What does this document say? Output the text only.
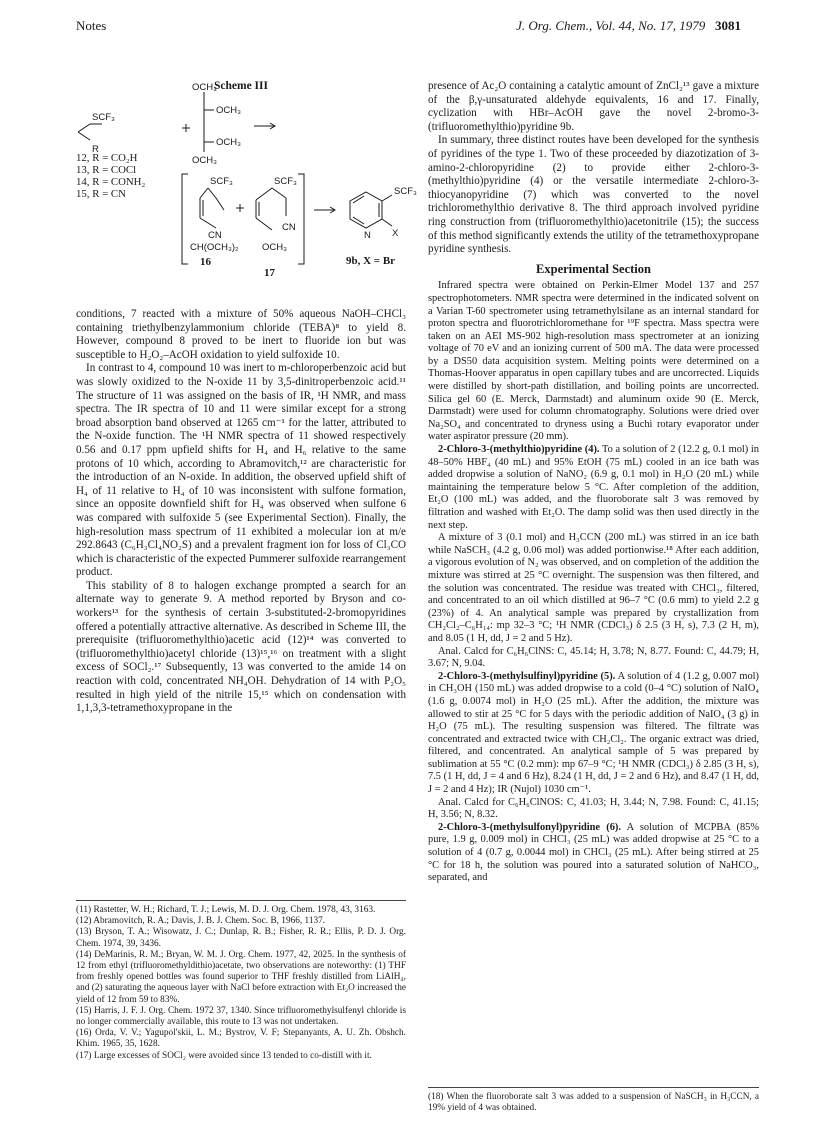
Notes	J. Org. Chem., Vol. 44, No. 17, 1979 3081
Scheme III
SCF₃
R
OCH₃
OCH₃
OCH₃
OCH₃
SCF₃
CN
CH(OCH₃)₂
16
SCF₃
CN
OCH₃
17
SCF₃
N X
9b, X = Br
12, R = CO₂H
13, R = COCl
14, R = CONH₂
15, R = CN

conditions, 7 reacted with a mixture of 50% aqueous NaOH–CHCl₃ containing triethylbenzylammonium chloride (TEBA)⁸ to yield 8. However, compound 8 proved to be inert to fluoride ion but was susceptible to H₂O₂–AcOH oxidation to yield sulfoxide 10.

In contrast to 4, compound 10 was inert to m-chloroperbenzoic acid but was slowly oxidized to the N-oxide 11 by 3,5-dinitroperbenzoic acid.¹¹ The structure of 11 was assigned on the basis of IR, ¹H NMR, and mass spectra. The IR spectra of 10 and 11 were similar except for a strong broad absorption band observed at 1265 cm⁻¹ for the latter, attributed to the N-oxide function. The ¹H NMR spectra of 11 showed respectively 0.56 and 0.17 ppm upfield shifts for H₄ and H₆ relative to the same protons of 10 which, according to Abramovitch,¹² are characteristic for the introduction of an N-oxide. In addition, the observed upfield shift of H₄ of 11 relative to H₄ of 10 was inconsistent with sulfone formation, since an opposite downfield shift for H₄ was observed when sulfone 6 was compared with sulfoxide 5 (see Experimental Section). Finally, the high-resolution mass spectrum of 11 exhibited a molecular ion at m/e 292.8643 (C₆H₃Cl₄NO₂S) and a prevalent fragment ion for loss of Cl₃CO which is characteristic of the expected Pummerer sulfoxide rearrangement product.

This stability of 8 to halogen exchange prompted a search for an alternate way to generate 9. A method reported by Bryson and co-workers¹³ for the synthesis of certain 3-substituted-2-bromopyridines offered a potentially attractive alternative. As described in Scheme III, the prerequisite (trifluoromethylthio)acetic acid (12)¹⁴ was converted to (trifluoromethylthio)acetyl chloride (13)¹⁵,¹⁶ on treatment with a slight excess of SOCl₂.¹⁷ Subsequently, 13 was converted to the amide 14 on reaction with cold, concentrated NH₄OH. Dehydration of 14 with P₂O₅ resulted in high yield of the nitrile 15,¹⁵ which on condensation with 1,1,3,3-tetramethoxypropane in the

(11) Rastetter, W. H.; Richard, T. J.; Lewis, M. D. J. Org. Chem. 1978, 43, 3163.

(12) Abramovitch, R. A.; Davis, J. B. J. Chem. Soc. B, 1966, 1137.

(13) Bryson, T. A.; Wisowatz, J. C.; Dunlap, R. B.; Fisher, R. R.; Ellis, P. D. J. Org. Chem. 1974, 39, 3436.

(14) DeMarinis, R. M.; Bryan, W. M. J. Org. Chem. 1977, 42, 2025. In the synthesis of 12 from ethyl (trifluoromethyldithio)acetate, two observations are noteworthy: (1) THF from freshly opened bottles was found superior to THF freshly distilled from LiAlH₄, and (2) saturating the aqueous layer with NaCl before extraction with Et₂O increased the yield of 12 from 59 to 83%.

(15) Harris, J. F. J. Org. Chem. 1972 37, 1340. Since trifluoromethylsulfenyl chloride is no longer commercially available, this route to 13 was not undertaken.

(16) Orda, V. V.; Yagupol'skii, L. M.; Bystrov, V. F; Stepanyants, A. U. Zh. Obshch. Khim. 1965, 35, 1628.

(17) Large excesses of SOCl₂ were avoided since 13 tended to co-distill with it.

presence of Ac₂O containing a catalytic amount of ZnCl₂¹³ gave a mixture of the β,γ-unsaturated aldehyde equivalents, 16 and 17. Finally, cyclization with HBr–AcOH gave the novel 2-bromo-3-(trifluoromethylthio)pyridine 9b.

In summary, three distinct routes have been developed for the synthesis of pyridines of the type 1. Two of these proceeded by diazotization of 3-amino-2-chloropyridine (2) to provide either 2-chloro-3-(methylthio)pyridine (4) or the versatile intermediate 2-chloro-3-thiocyanopyridine (7) which was converted to the novel trichloromethylthio derivative 8. The third approach involved pyridine ring construction from (trifluoromethylthio)acetonitrile (15); the success of this method significantly extends the utility of the tetramethoxypropane pyridine synthesis.

Experimental Section

Infrared spectra were obtained on Perkin-Elmer Model 137 and 257 spectrophotometers. NMR spectra were determined in the indicated solvent on a Varian T-60 spectrometer using tetramethylsilane as an internal standard for proton spectra and fluorotrichloromethane for ¹⁹F spectra. Mass spectra were taken on an AEI MS-902 high-resolution mass spectrometer at an ionizing voltage of 70 eV and an ionizing current of 500 mA. The data were processed by a DS50 data acquisition system. Melting points were determined on a Thomas-Hoover apparatus in open capillary tubes and are uncorrected. Liquids were distilled by short-path distillation, and boiling points are uncorrected. Silica gel 60 (E. Merck, Darmstadt) and aluminum oxide 90 (E. Merck, Darmstadt) were used for column chromatography. Solutions were dried over Na₂SO₄ and concentrated to dryness using a Buchi rotary evaporator under water aspirator pressure (20 mm).

2-Chloro-3-(methylthio)pyridine (4). To a solution of 2 (12.2 g, 0.1 mol) in 48–50% HBF₄ (40 mL) and 95% EtOH (75 mL) cooled in an ice bath was added dropwise a solution of NaNO₂ (6.9 g, 0.1 mol) in H₂O (20 mL) while maintaining the temperature below 5 °C. After completion of the addition, Et₂O (100 mL) was added, and the fluoroborate salt 3 was removed by filtration and washed with Et₂O. The damp solid was then used directly in the next step.

A mixture of 3 (0.1 mol) and H₃CCN (200 mL) was stirred in an ice bath while NaSCH₃ (4.2 g, 0.06 mol) was added portionwise.¹⁸ After each addition, a vigorous evolution of N₂ was observed, and on completion of the addition the mixture was stirred at 25 °C overnight. The suspension was then filtered, and the solution was concentrated. The residue was treated with CHCl₃, filtered, and concentrated to an oil which distilled at 96–7 °C (0.6 mm) to yield 2.2 g (23%) of 4. An analytical sample was prepared by crystallization from CH₂Cl₂–C₆H₁₄: mp 32–3 °C; ¹H NMR (CDCl₃) δ 2.5 (3 H, s), 7.3 (2 H, m), and 8.05 (1 H, dd, J = 2 and 5 Hz).

Anal. Calcd for C₆H₆ClNS: C, 45.14; H, 3.78; N, 8.77. Found: C, 44.79; H, 3.67; N, 9.04.

2-Chloro-3-(methylsulfinyl)pyridine (5). A solution of 4 (1.2 g, 0.007 mol) in CH₃OH (150 mL) was added dropwise to a cold (0–4 °C) solution of NaIO₄ (1.6 g, 0.0074 mol) in H₂O (25 mL). After the addition, the mixture was allowed to stir at 25 °C for 5 days with the periodic addition of NaIO₄ (3 g) in H₂O (75 mL). The resulting suspension was filtered. The filtrate was concentrated and extracted twice with CH₂Cl₂. The organic extract was dried, filtered, and concentrated. An analytical sample of 5 was prepared by sublimation at 55 °C (0.2 mm): mp 67–9 °C; ¹H NMR (CDCl₃) δ 2.85 (3 H, s), 7.5 (1 H, dd, J = 4 and 6 Hz), 8.24 (1 H, dd, J = 2 and 6 Hz), and 8.47 (1 H, dd, J = 2 and 4 Hz); IR (Nujol) 1030 cm⁻¹.

Anal. Calcd for C₆H₆ClNOS: C, 41.03; H, 3.44; N, 7.98. Found: C, 41.15; H, 3.56; N, 8.32.

2-Chloro-3-(methylsulfonyl)pyridine (6). A solution of MCPBA (85% pure, 1.9 g, 0.009 mol) in CHCl₃ (25 mL) was added dropwise at 25 °C to a solution of 4 (0.7 g, 0.0044 mol) in CHCl₃ (25 mL). After being stirred at 25 °C for 18 h, the solution was poured into a saturated solution of NaHCO₃, separated, and

(18) When the fluoroborate salt 3 was added to a suspension of NaSCH₃ in H₃CCN, a 19% yield of 4 was obtained.
